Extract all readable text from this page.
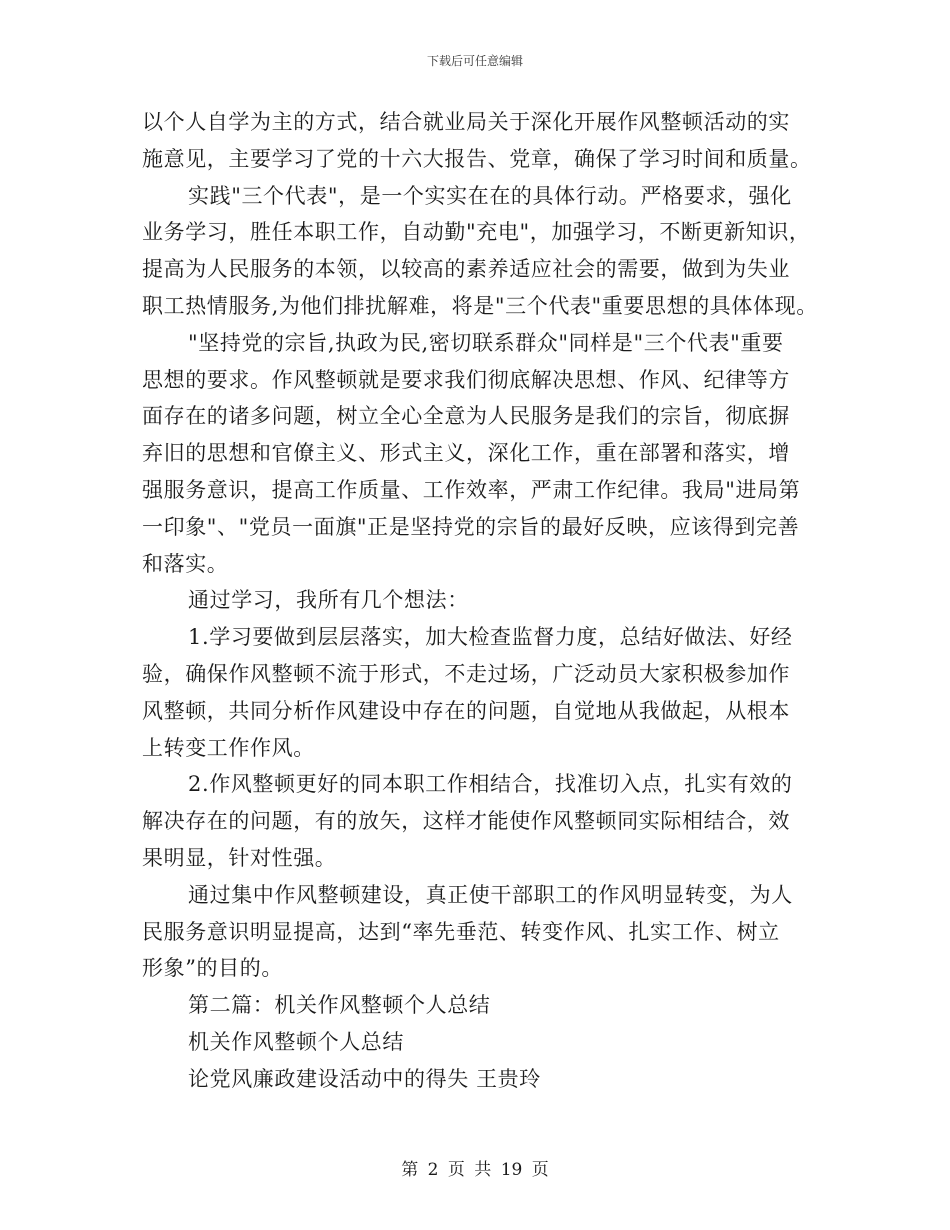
下载后可任意编辑
以个人自学为主的方式，结合就业局关于深化开展作风整顿活动的实
施意见，主要学习了党的十六大报告、党章，确保了学习时间和质量。
实践"三个代表"，是一个实实在在的具体行动。严格要求，强化
业务学习，胜任本职工作，自动勤"充电"，加强学习，不断更新知识，
提高为人民服务的本领，以较高的素养适应社会的需要，做到为失业
职工热情服务,为他们排扰解难，将是"三个代表"重要思想的具体体现。
"坚持党的宗旨,执政为民,密切联系群众"同样是"三个代表"重要
思想的要求。作风整顿就是要求我们彻底解决思想、作风、纪律等方
面存在的诸多问题，树立全心全意为人民服务是我们的宗旨，彻底摒
弃旧的思想和官僚主义、形式主义，深化工作，重在部署和落实，增
强服务意识，提高工作质量、工作效率，严肃工作纪律。我局"进局第
一印象"、"党员一面旗"正是坚持党的宗旨的最好反映，应该得到完善
和落实。
通过学习，我所有几个想法：
1.学习要做到层层落实，加大检查监督力度，总结好做法、好经
验，确保作风整顿不流于形式，不走过场，广泛动员大家积极参加作
风整顿，共同分析作风建设中存在的问题，自觉地从我做起，从根本
上转变工作作风。
2.作风整顿更好的同本职工作相结合，找准切入点，扎实有效的
解决存在的问题，有的放矢，这样才能使作风整顿同实际相结合，效
果明显，针对性强。
通过集中作风整顿建设，真正使干部职工的作风明显转变，为人
民服务意识明显提高，达到“率先垂范、转变作风、扎实工作、树立
形象”的目的。
第二篇：机关作风整顿个人总结
机关作风整顿个人总结
论党风廉政建设活动中的得失 王贵玲
第 2 页 共 19 页
